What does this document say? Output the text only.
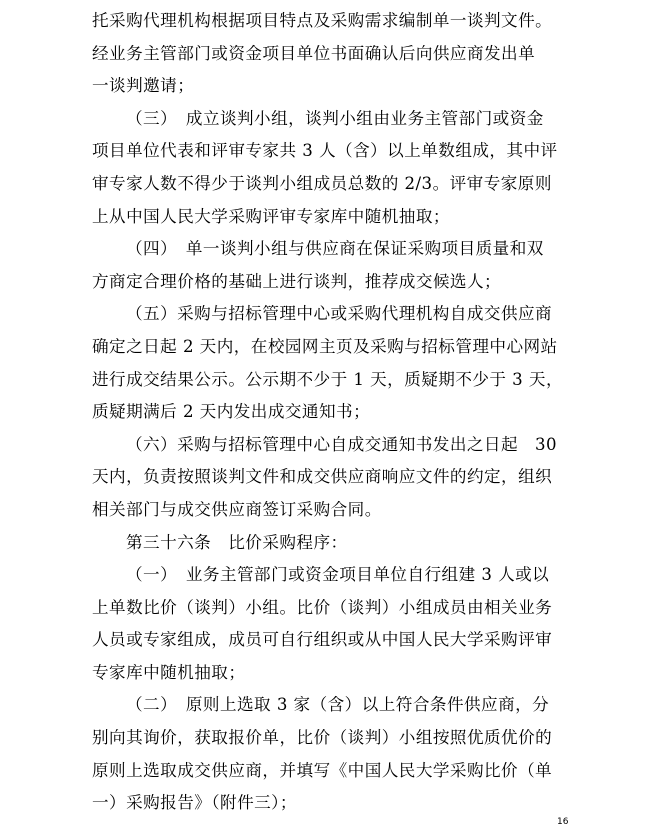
托采购代理机构根据项目特点及采购需求编制单一谈判文件。
经业务主管部门或资金项目单位书面确认后向供应商发出单
一谈判邀请；
（三）　成立谈判小组，谈判小组由业务主管部门或资金
项目单位代表和评审专家共 3 人（含）以上单数组成，其中评
审专家人数不得少于谈判小组成员总数的 2/3。评审专家原则
上从中国人民大学采购评审专家库中随机抽取；
（四）　单一谈判小组与供应商在保证采购项目质量和双
方商定合理价格的基础上进行谈判，推荐成交候选人；
（五）采购与招标管理中心或采购代理机构自成交供应商
确定之日起 2 天内，在校园网主页及采购与招标管理中心网站
进行成交结果公示。公示期不少于 1 天，质疑期不少于 3 天，
质疑期满后 2 天内发出成交通知书；
（六）采购与招标管理中心自成交通知书发出之日起　30
天内，负责按照谈判文件和成交供应商响应文件的约定，组织
相关部门与成交供应商签订采购合同。
第三十六条　比价采购程序：
（一）　业务主管部门或资金项目单位自行组建 3 人或以
上单数比价（谈判）小组。比价（谈判）小组成员由相关业务
人员或专家组成，成员可自行组织或从中国人民大学采购评审
专家库中随机抽取；
（二）　原则上选取 3 家（含）以上符合条件供应商，分
别向其询价，获取报价单，比价（谈判）小组按照优质优价的
原则上选取成交供应商，并填写《中国人民大学采购比价（单
一）采购报告》（附件三）；
16
